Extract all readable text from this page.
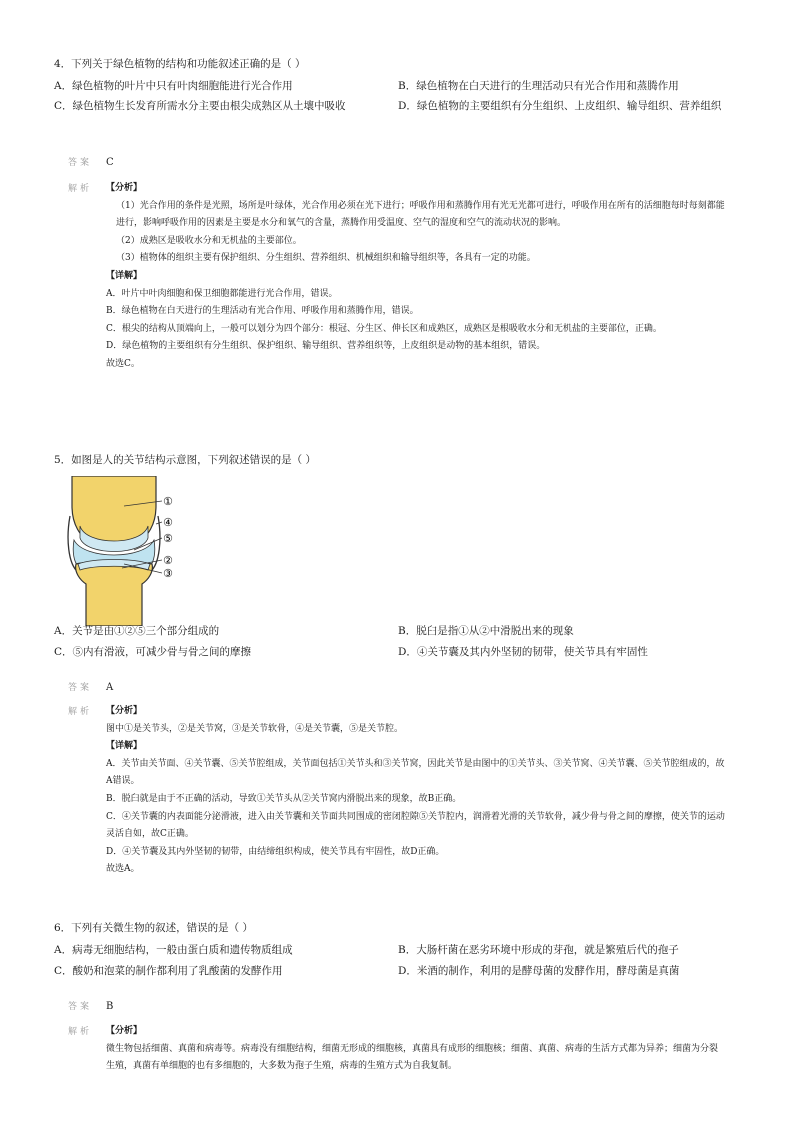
4．下列关于绿色植物的结构和功能叙述正确的是（ ）
A．绿色植物的叶片中只有叶肉细胞能进行光合作用	B．绿色植物在白天进行的生理活动只有光合作用和蒸腾作用
C．绿色植物生长发育所需水分主要由根尖成熟区从土壤中吸收	D．绿色植物的主要组织有分生组织、上皮组织、输导组织、营养组织
答案 C
解析 【分析】

（1）光合作用的条件是光照，场所是叶绿体，光合作用必须在光下进行；呼吸作用和蒸腾作用有光无光都可进行，呼吸作用在所有的活细胞每时每刻都能进行，影响呼吸作用的因素是主要是水分和氧气的含量，蒸腾作用受温度、空气的湿度和空气的流动状况的影响。

（2）成熟区是吸收水分和无机盐的主要部位。

（3）植物体的组织主要有保护组织、分生组织、营养组织、机械组织和输导组织等，各具有一定的功能。

【详解】

A．叶片中叶肉细胞和保卫细胞都能进行光合作用，错误。

B．绿色植物在白天进行的生理活动有光合作用、呼吸作用和蒸腾作用，错误。

C．根尖的结构从顶端向上，一般可以划分为四个部分：根冠、分生区、伸长区和成熟区，成熟区是根吸收水分和无机盐的主要部位，正确。

D．绿色植物的主要组织有分生组织、保护组织、输导组织、营养组织等，上皮组织是动物的基本组织，错误。

故选C。

5．如图是人的关节结构示意图，下列叙述错误的是（ ）
①
④
⑤
②
③
A．关节是由①②⑤三个部分组成的	B．脱臼是指①从②中滑脱出来的现象
C．⑤内有滑液，可减少骨与骨之间的摩擦	D．④关节囊及其内外坚韧的韧带，使关节具有牢固性
答案 A
解析 【分析】

图中①是关节头，②是关节窝，③是关节软骨，④是关节囊，⑤是关节腔。

【详解】

A．关节由关节面、④关节囊、⑤关节腔组成，关节面包括①关节头和③关节窝，因此关节是由图中的①关节头、③关节窝、④关节囊、⑤关节腔组成的，故A错误。

B．脱臼就是由于不正确的活动，导致①关节头从②关节窝内滑脱出来的现象，故B正确。

C．④关节囊的内表面能分泌滑液，进入由关节囊和关节面共同围成的密闭腔隙⑤关节腔内，润滑着光滑的关节软骨，减少骨与骨之间的摩擦，使关节的运动灵活自如，故C正确。

D．④关节囊及其内外坚韧的韧带，由结缔组织构成，使关节具有牢固性，故D正确。

故选A。

6．下列有关微生物的叙述，错误的是（ ）
A．病毒无细胞结构，一般由蛋白质和遗传物质组成	B．大肠杆菌在恶劣环境中形成的芽孢，就是繁殖后代的孢子
C．酸奶和泡菜的制作都利用了乳酸菌的发酵作用	D．米酒的制作，利用的是酵母菌的发酵作用，酵母菌是真菌
答案 B
解析 【分析】

微生物包括细菌、真菌和病毒等。病毒没有细胞结构，细菌无形成的细胞核，真菌具有成形的细胞核；细菌、真菌、病毒的生活方式都为异养；细菌为分裂生殖，真菌有单细胞的也有多细胞的，大多数为孢子生殖，病毒的生殖方式为自我复制。
